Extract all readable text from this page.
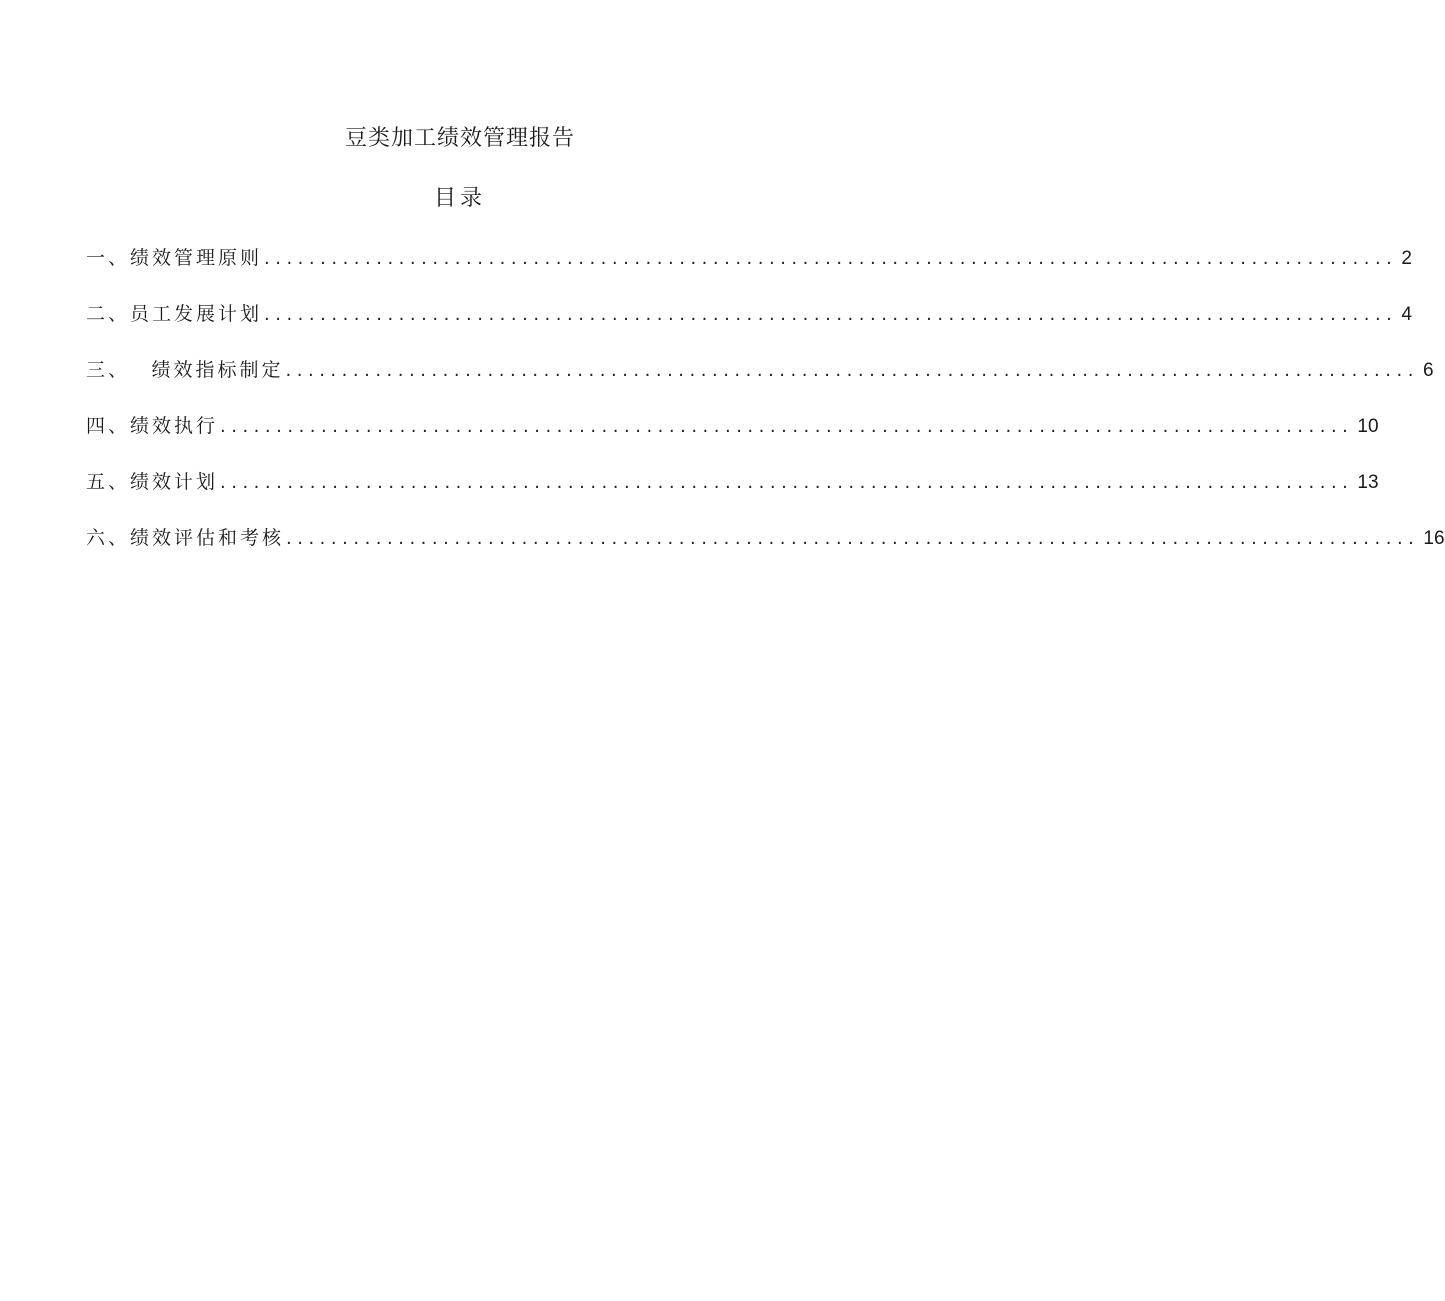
豆类加工绩效管理报告
目录
一、绩效管理原则 ..................................................................................................... 2
二、员工发展计划 ..................................................................................................... 4
三、　 绩效指标制定 ..................................................................................................... 6
四、绩效执行 ..................................................................................................... 10
五、绩效计划 ..................................................................................................... 13
六、绩效评估和考核 ..................................................................................................... 16
